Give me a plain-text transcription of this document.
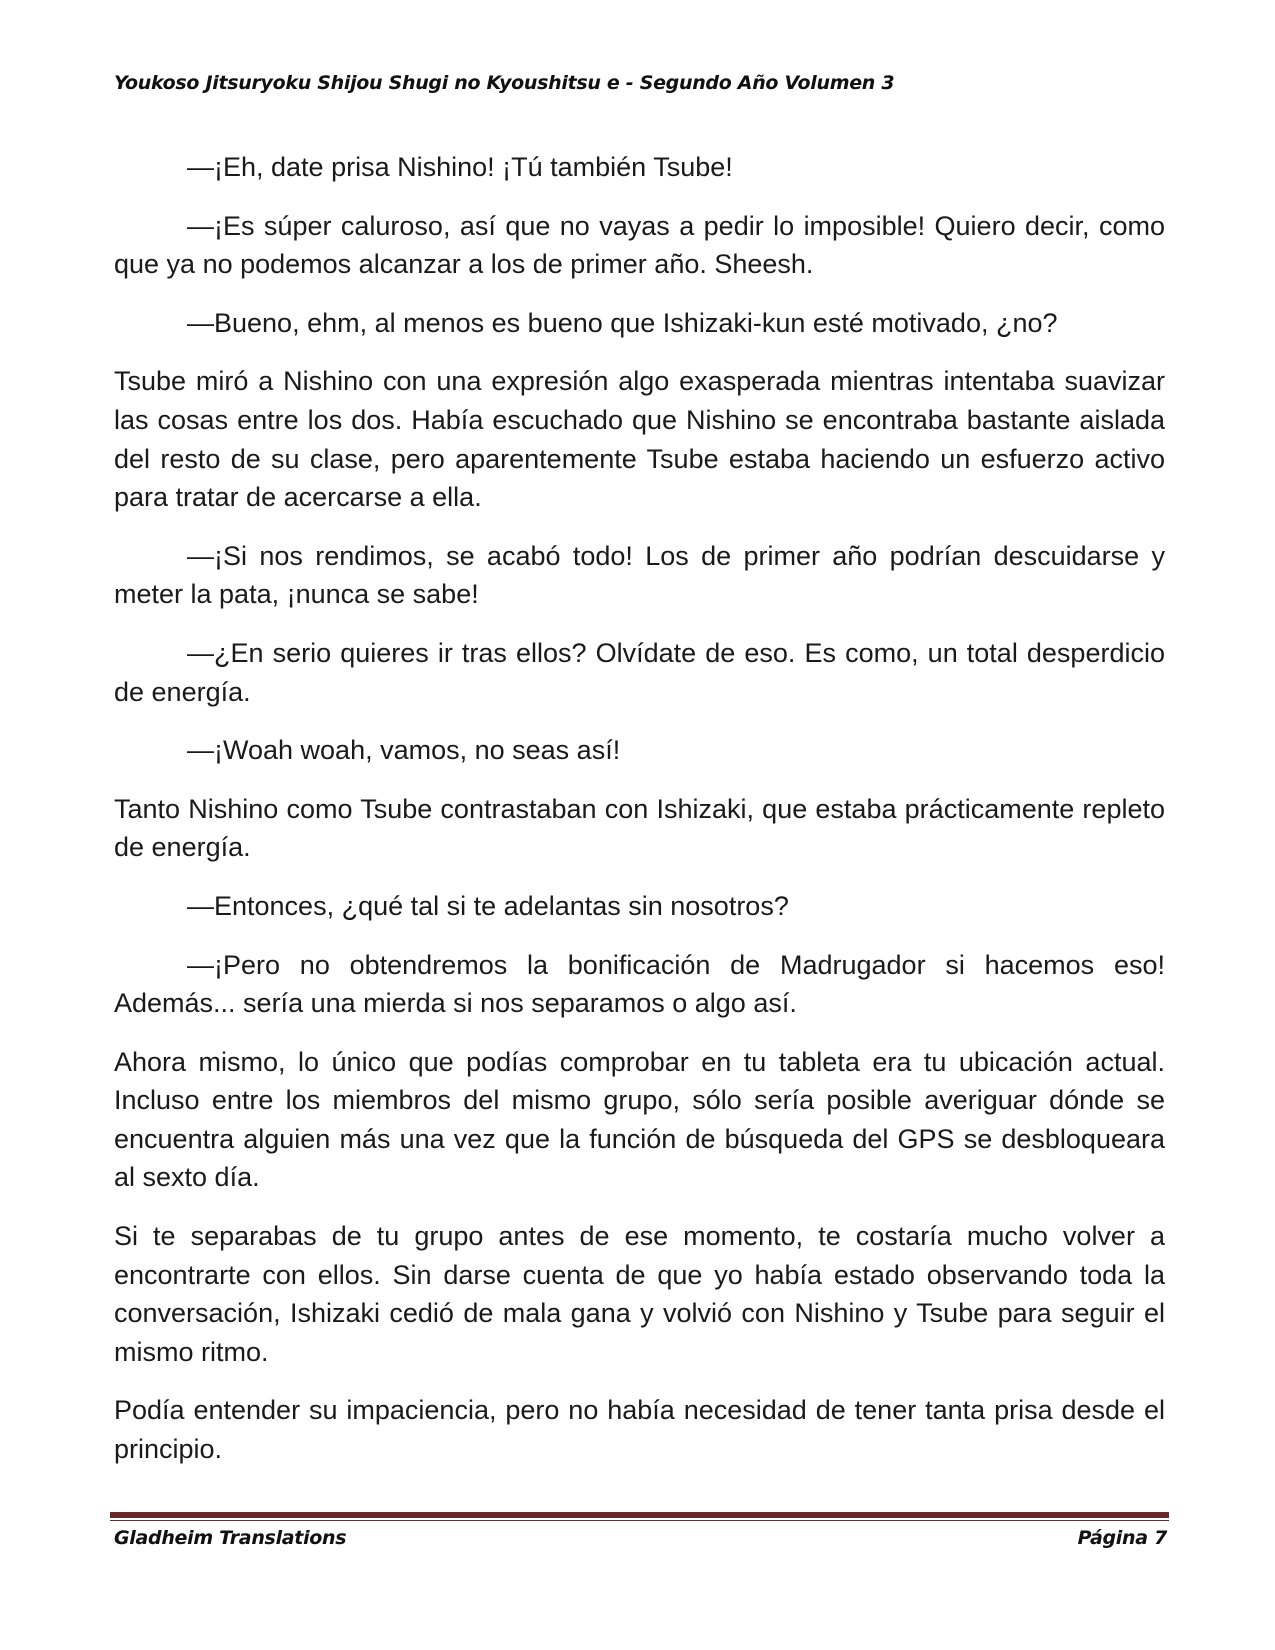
Youkoso Jitsuryoku Shijou Shugi no Kyoushitsu e - Segundo Año Volumen 3

—¡Eh, date prisa Nishino! ¡Tú también Tsube!

—¡Es súper caluroso, así que no vayas a pedir lo imposible! Quiero decir, como que ya no podemos alcanzar a los de primer año. Sheesh.

—Bueno, ehm, al menos es bueno que Ishizaki-kun esté motivado, ¿no?

Tsube miró a Nishino con una expresión algo exasperada mientras intentaba suavizar las cosas entre los dos. Había escuchado que Nishino se encontraba bastante aislada del resto de su clase, pero aparentemente Tsube estaba haciendo un esfuerzo activo para tratar de acercarse a ella.

—¡Si nos rendimos, se acabó todo! Los de primer año podrían descuidarse y meter la pata, ¡nunca se sabe!

—¿En serio quieres ir tras ellos? Olvídate de eso. Es como, un total desperdicio de energía.

—¡Woah woah, vamos, no seas así!

Tanto Nishino como Tsube contrastaban con Ishizaki, que estaba prácticamente repleto de energía.

—Entonces, ¿qué tal si te adelantas sin nosotros?

—¡Pero no obtendremos la bonificación de Madrugador si hacemos eso! Además... sería una mierda si nos separamos o algo así.

Ahora mismo, lo único que podías comprobar en tu tableta era tu ubicación actual. Incluso entre los miembros del mismo grupo, sólo sería posible averiguar dónde se encuentra alguien más una vez que la función de búsqueda del GPS se desbloqueara al sexto día.

Si te separabas de tu grupo antes de ese momento, te costaría mucho volver a encontrarte con ellos. Sin darse cuenta de que yo había estado observando toda la conversación, Ishizaki cedió de mala gana y volvió con Nishino y Tsube para seguir el mismo ritmo.

Podía entender su impaciencia, pero no había necesidad de tener tanta prisa desde el principio.

Gladheim Translations	Página 7
